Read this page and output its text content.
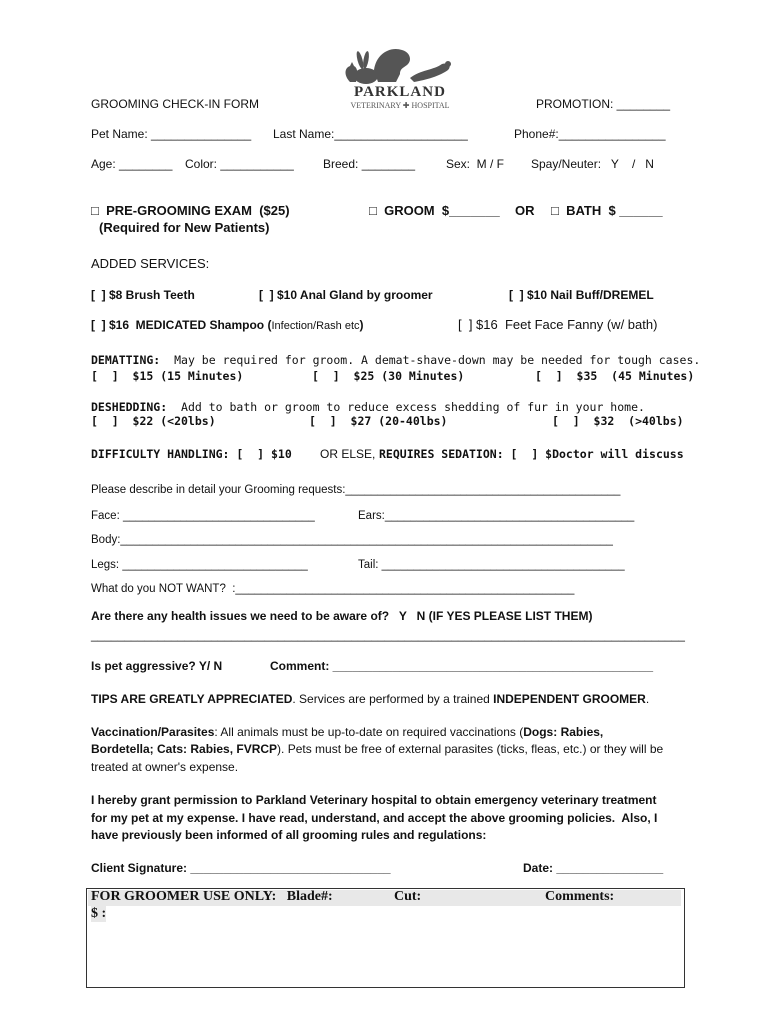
PARKLAND
VETERINARY ✚ HOSPITAL
GROOMING CHECK-IN FORM	PROMOTION: ________
Pet Name: _______________ Last Name:____________________	Phone#:________________
Age: ________ Color: ___________ Breed: ________	Sex:  M / F Spay/Neuter:   Y    /   N
□  PRE-GROOMING EXAM  ($25)
(Required for New Patients)
□  GROOM  $_______ OR □  BATH  $ ______
ADDED SERVICES:
[  ] $8 Brush Teeth	[  ] $10 Anal Gland by groomer	[  ] $10 Nail Buff/DREMEL
[  ] $16  MEDICATED Shampoo (Infection/Rash etc)	[  ] $16  Feet Face Fanny (w/ bath)
DEMATTING: May be required for groom. A demat-shave-down may be needed for tough cases.
[  ]  $15 (15 Minutes)	[  ]  $25 (30 Minutes)	[  ]  $35  (45 Minutes)
DESHEDDING: Add to bath or groom to reduce excess shedding of fur in your home.
[  ]  $22 (<20lbs)	[  ]  $27 (20-40lbs)	[  ]  $32  (>40lbs)
DIFFICULTY HANDLING: [  ] $10 OR ELSE, REQUIRES SEDATION: [  ] $Doctor will discuss
Please describe in detail your Grooming requests:___________________________________________
Face: ______________________________	Ears:_______________________________________
Body:_____________________________________________________________________________
Legs: _____________________________	Tail: ______________________________________
What do you NOT WANT?  :_____________________________________________________
Are there any health issues we need to be aware of?   Y   N (IF YES PLEASE LIST THEM)
_________________________________________________________________________________________
Is pet aggressive? Y/ N	Comment: ________________________________________________
TIPS ARE GREATLY APPRECIATED. Services are performed by a trained INDEPENDENT GROOMER.
Vaccination/Parasites: All animals must be up-to-date on required vaccinations (Dogs: Rabies,
Bordetella; Cats: Rabies, FVRCP). Pets must be free of external parasites (ticks, fleas, etc.) or they will be
treated at owner's expense.
I hereby grant permission to Parkland Veterinary hospital to obtain emergency veterinary treatment
for my pet at my expense. I have read, understand, and accept the above grooming policies.  Also, I
have previously been informed of all grooming rules and regulations:
Client Signature: ______________________________	Date: ________________
FOR GROOMER USE ONLY:   Blade#:	Cut:	Comments:
$ :
